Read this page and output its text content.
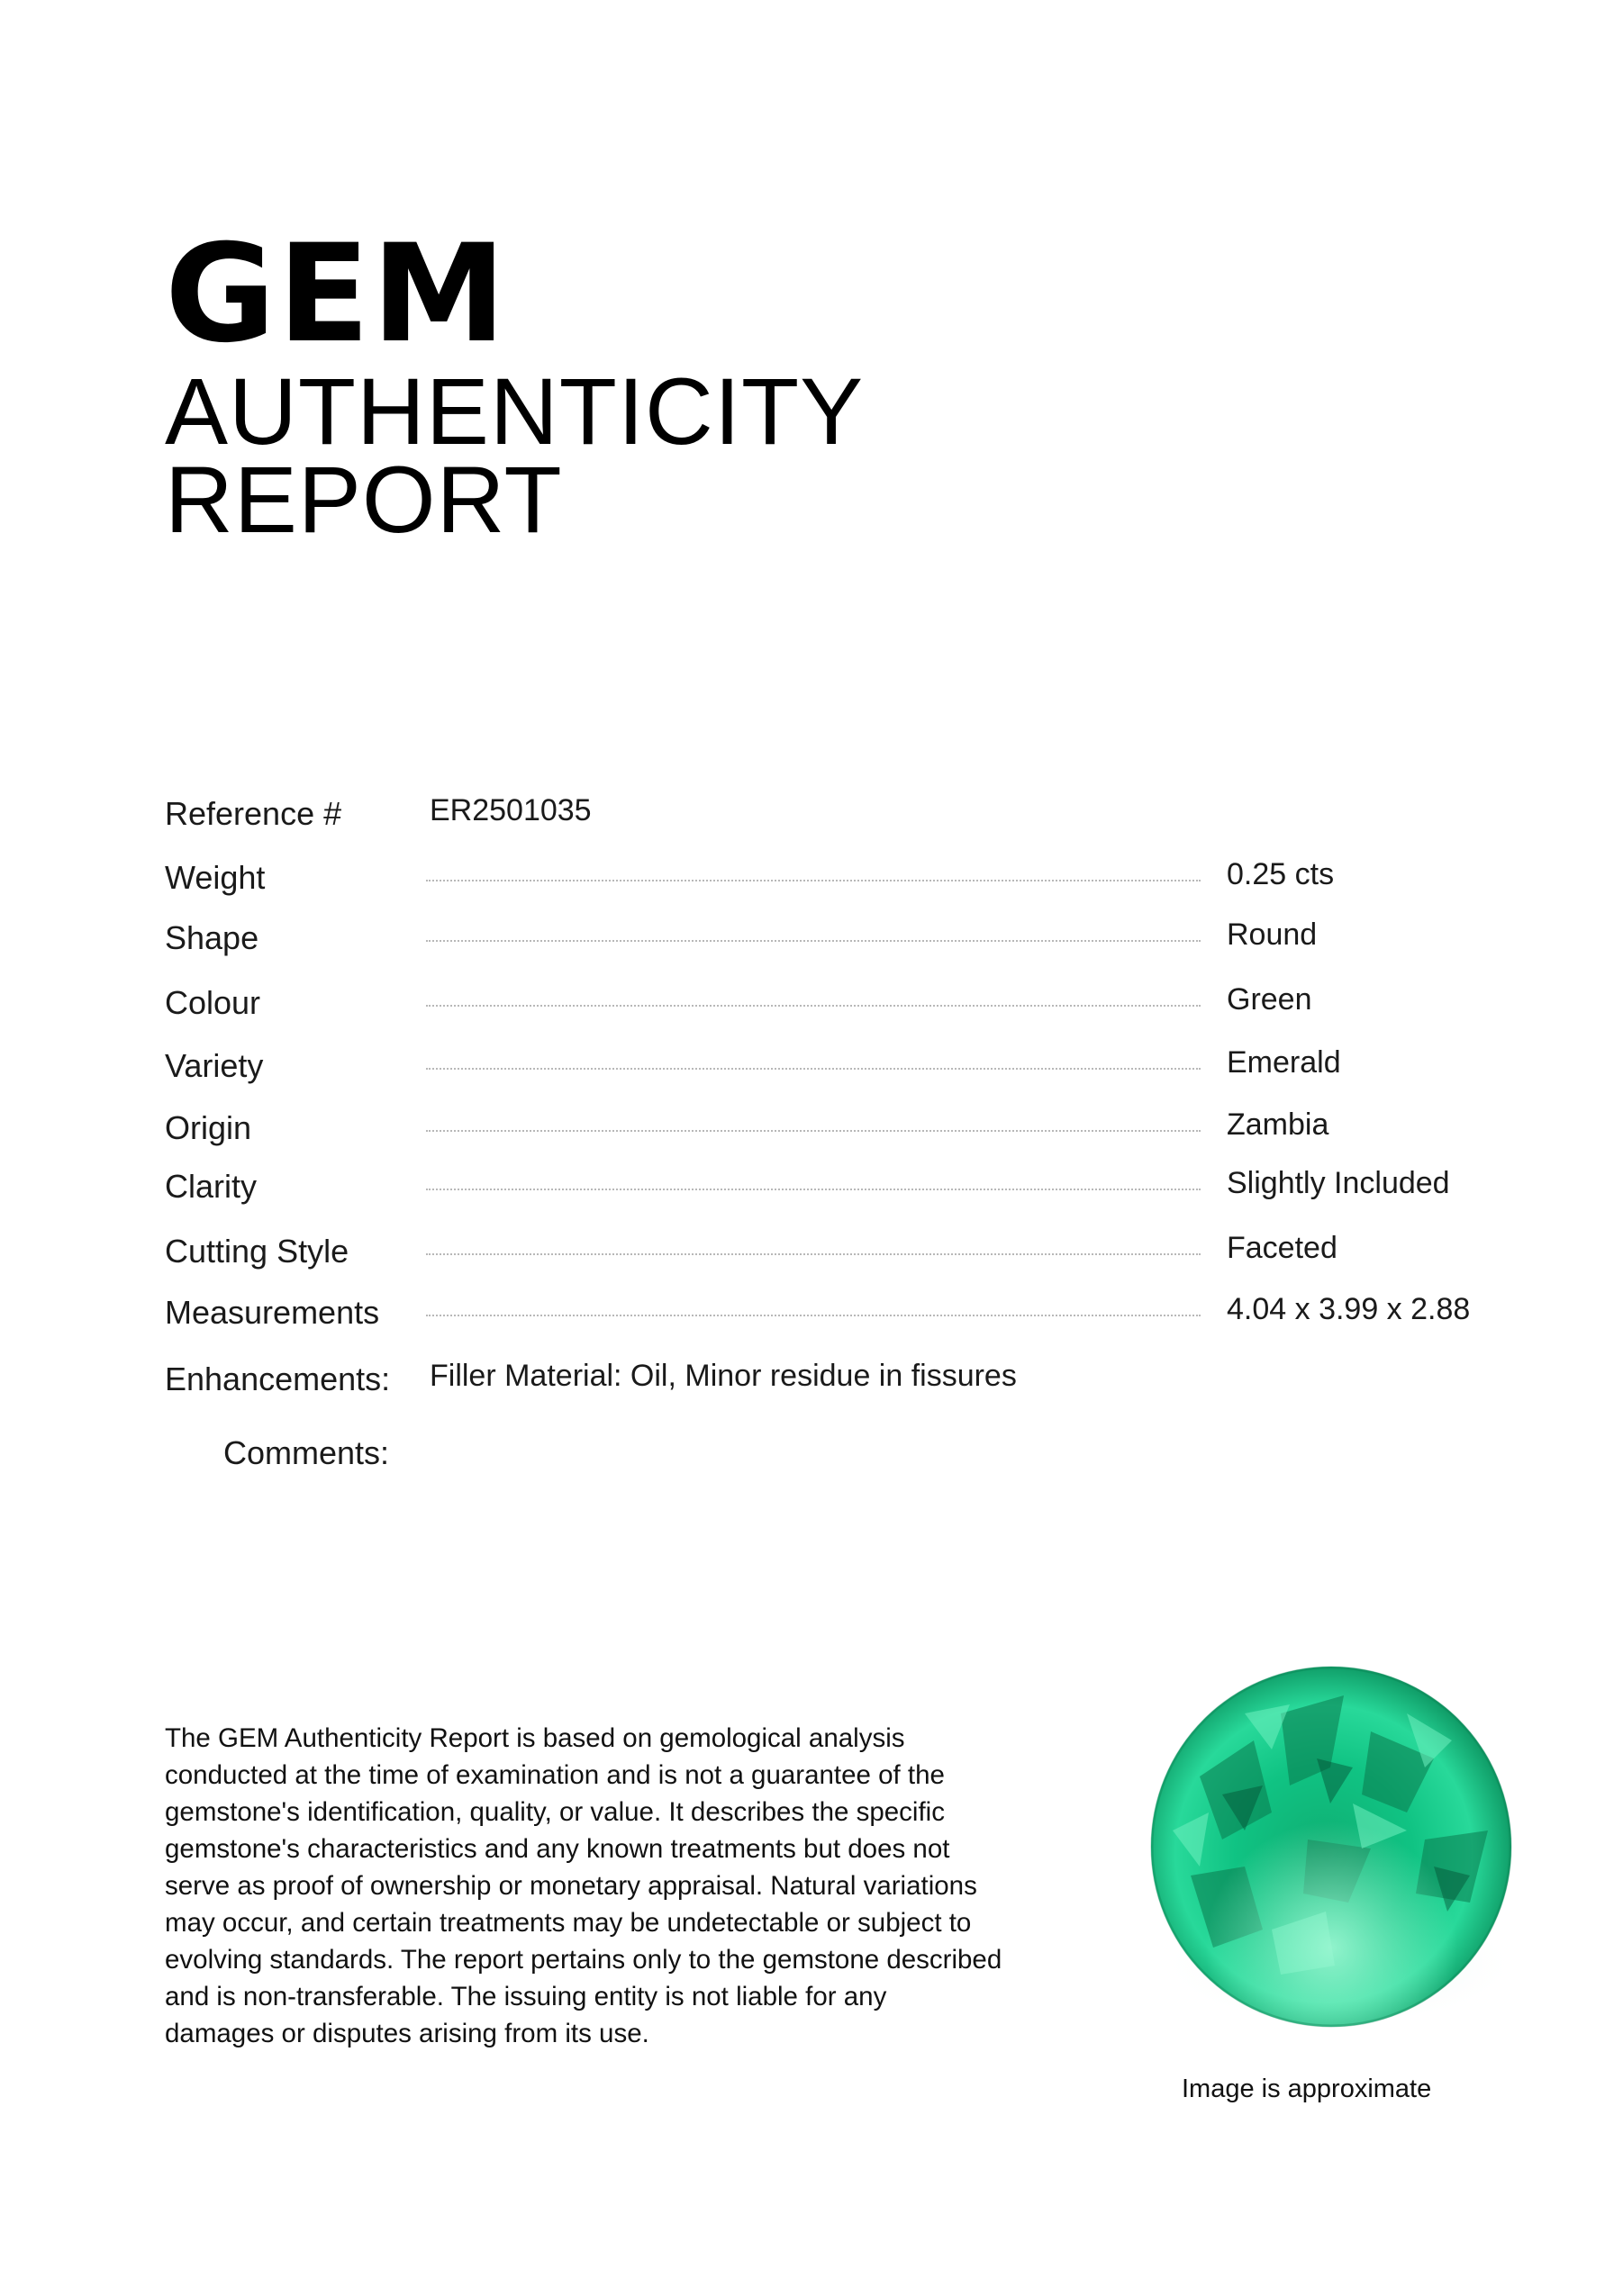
GEM
AUTHENTICITY
REPORT
Reference #	ER2501035
Weight	0.25 cts
Shape	Round
Colour	Green
Variety	Emerald
Origin	Zambia
Clarity	Slightly Included
Cutting Style	Faceted
Measurements	4.04 x 3.99 x 2.88
Enhancements: Filler Material: Oil, Minor residue in fissures
Comments:
The GEM Authenticity Report is based on gemological analysis conducted at the time of examination and is not a guarantee of the gemstone's identification, quality, or value. It describes the specific gemstone's characteristics and any known treatments but does not serve as proof of ownership or monetary appraisal. Natural variations may occur, and certain treatments may be undetectable or subject to evolving standards. The report pertains only to the gemstone described and is non-transferable. The issuing entity is not liable for any damages or disputes arising from its use.
Image is approximate
